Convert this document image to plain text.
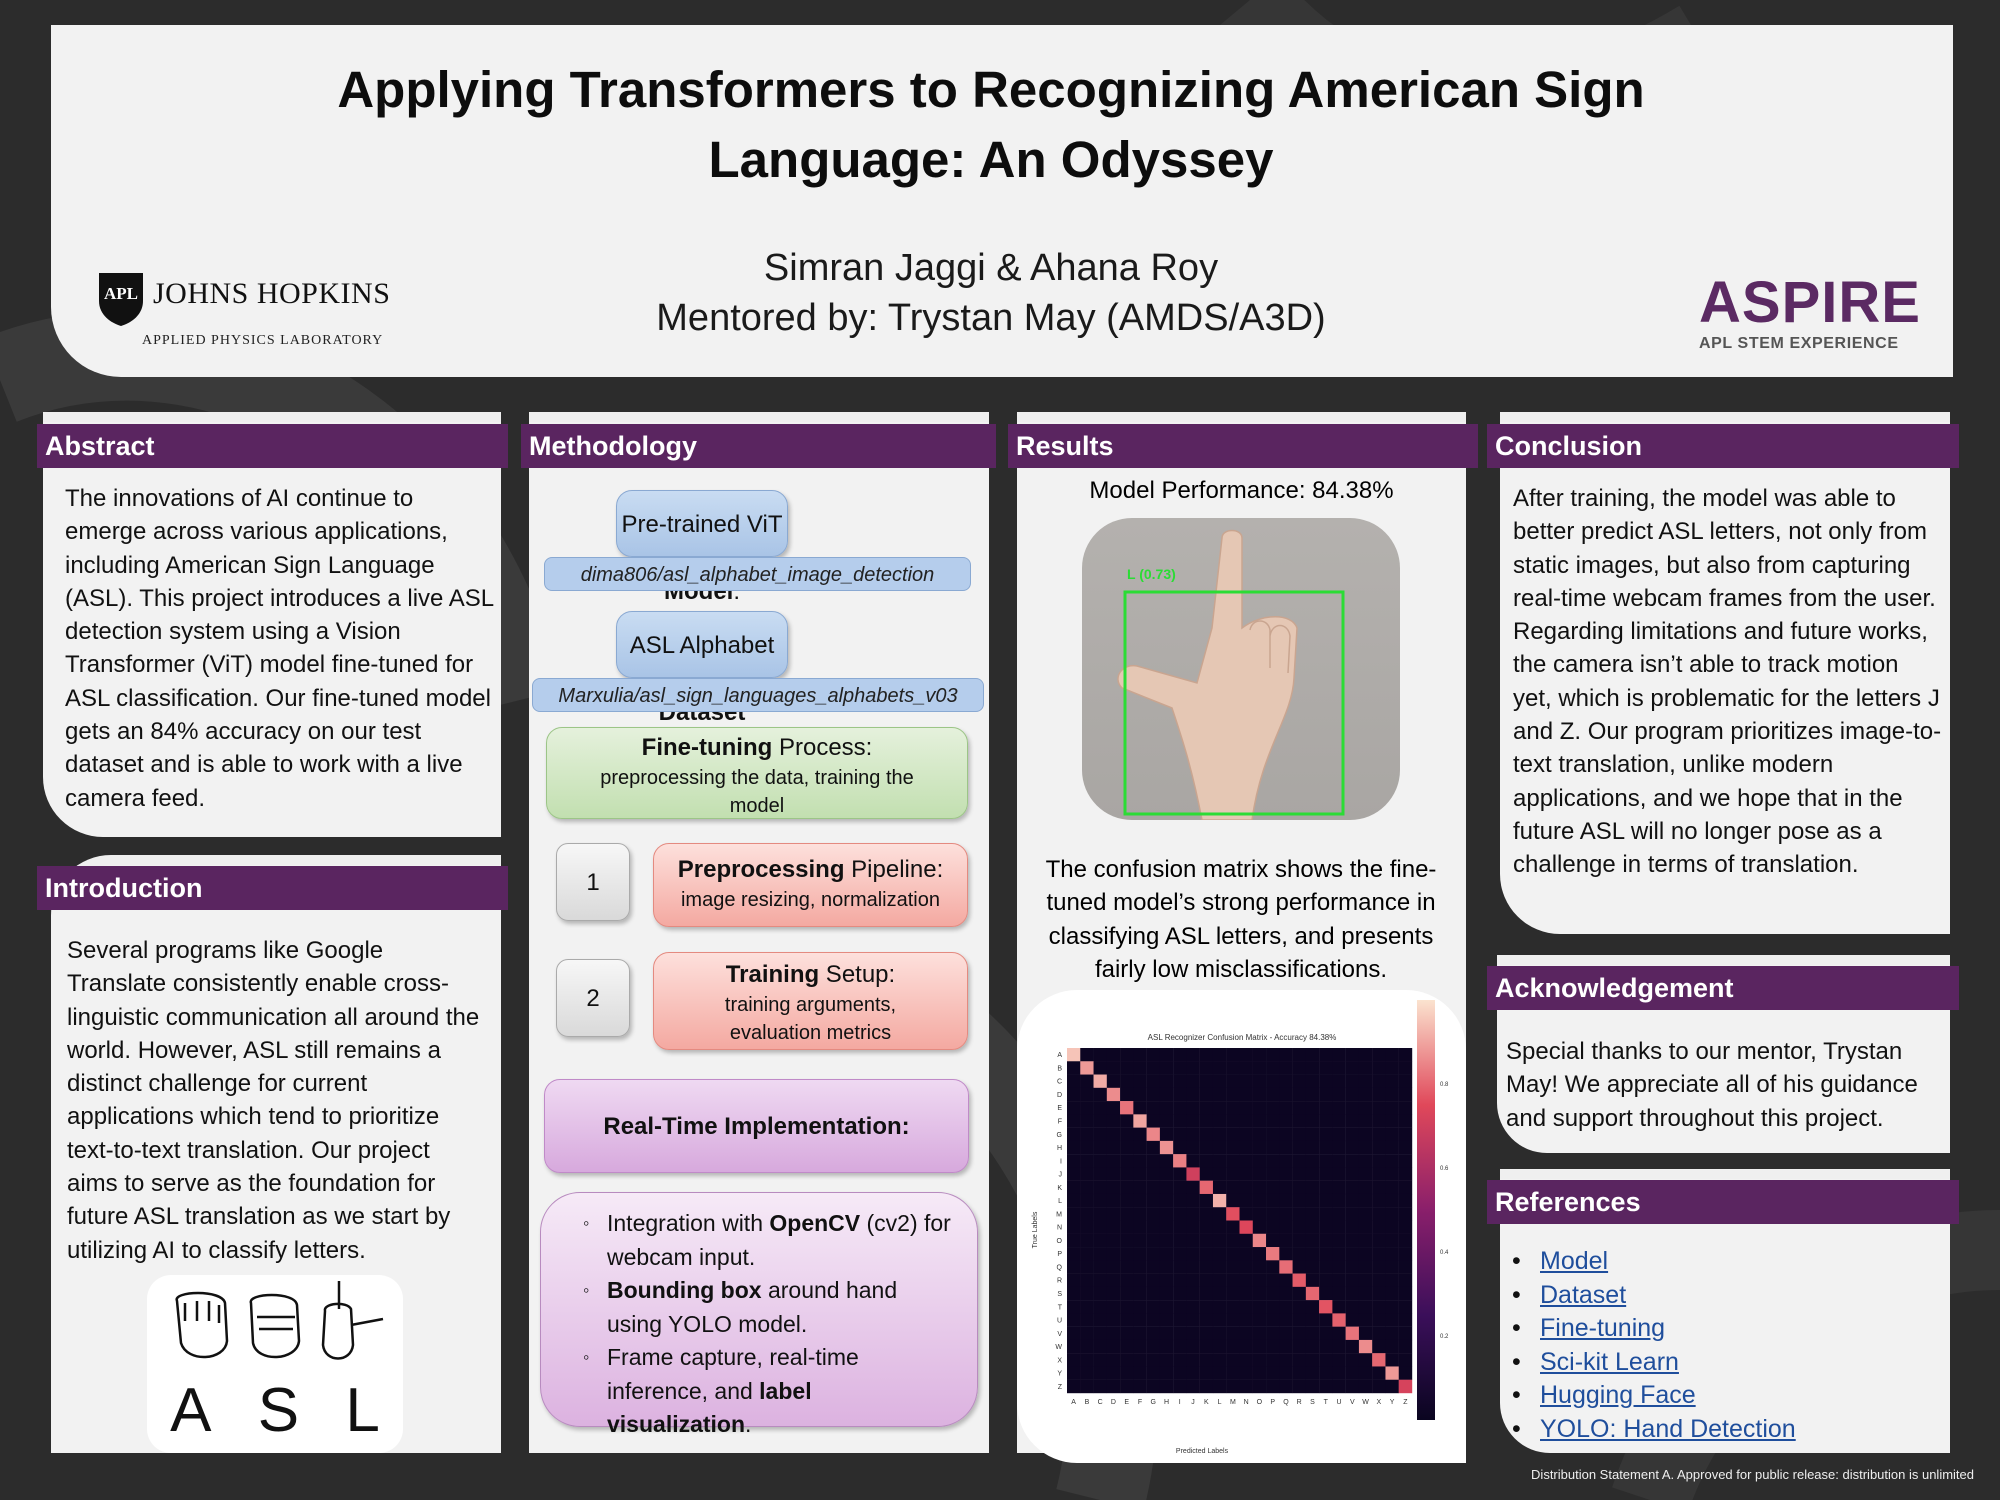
Applying Transformers to Recognizing American Sign
Language: An Odyssey
Simran Jaggi & Ahana Roy
Mentored by: Trystan May (AMDS/A3D)
APL JOHNS HOPKINS
APPLIED PHYSICS LABORATORY
ASPIRE
APL STEM EXPERIENCE
The innovations of AI continue to emerge across various applications, including American Sign Language (ASL). This project introduces a live ASL detection system using a Vision Transformer (ViT) model fine-tuned for ASL classification. Our fine-tuned model gets an 84% accuracy on our test dataset and is able to work with a live camera feed.
Abstract
Several programs like Google Translate consistently enable cross-linguistic communication all around the world. However, ASL still remains a distinct challenge for current applications which tend to prioritize text-to-text translation. Our project aims to serve as the foundation for future ASL translation as we start by utilizing AI to classify letters.
A S L
Introduction
Pre-trained ViT
dima806/asl_alphabet_image_detection
ASL Alphabet
Marxulia/asl_sign_languages_alphabets_v03
Fine-tuning Process:
preprocessing the data, training the model
1	Preprocessing Pipeline:
image resizing, normalization
2
Training Setup:
training arguments, evaluation metrics
Real-Time Implementation:
◦ Integration with OpenCV (cv2) for webcam input.
◦ Bounding box around hand using YOLO model.
◦ Frame capture, real-time inference, and label visualization.
Methodology
Model Performance: 84.38%
L (0.73)
The confusion matrix shows the fine-tuned model’s strong performance in classifying ASL letters, and presents fairly low misclassifications.
ASL Recognizer Confusion Matrix - Accuracy 84.38%
Predicted Labels
True Labels
A B C D E F G H I J K L M N O P Q R S T U V W X Y Z
A
B
C
D
E
F
G
H
I
J
K
L
M
N
O
P
Q
R
S
T
U
V
W
X
Y
Z
0.8
0.6
0.4
0.2
Results
After training, the model was able to better predict ASL letters, not only from static images, but also from capturing real-time webcam frames from the user. Regarding limitations and future works, the camera isn’t able to track motion yet, which is problematic for the letters J and Z. Our program prioritizes image-to-text translation, unlike modern applications, and we hope that in the future ASL will no longer pose as a challenge in terms of translation.
Conclusion
Special thanks to our mentor, Trystan May! We appreciate all of his guidance and support throughout this project.
Acknowledgement
• Model
• Dataset
• Fine-tuning
• Sci-kit Learn
• Hugging Face
• YOLO: Hand Detection
References
Distribution Statement A. Approved for public release: distribution is unlimited
